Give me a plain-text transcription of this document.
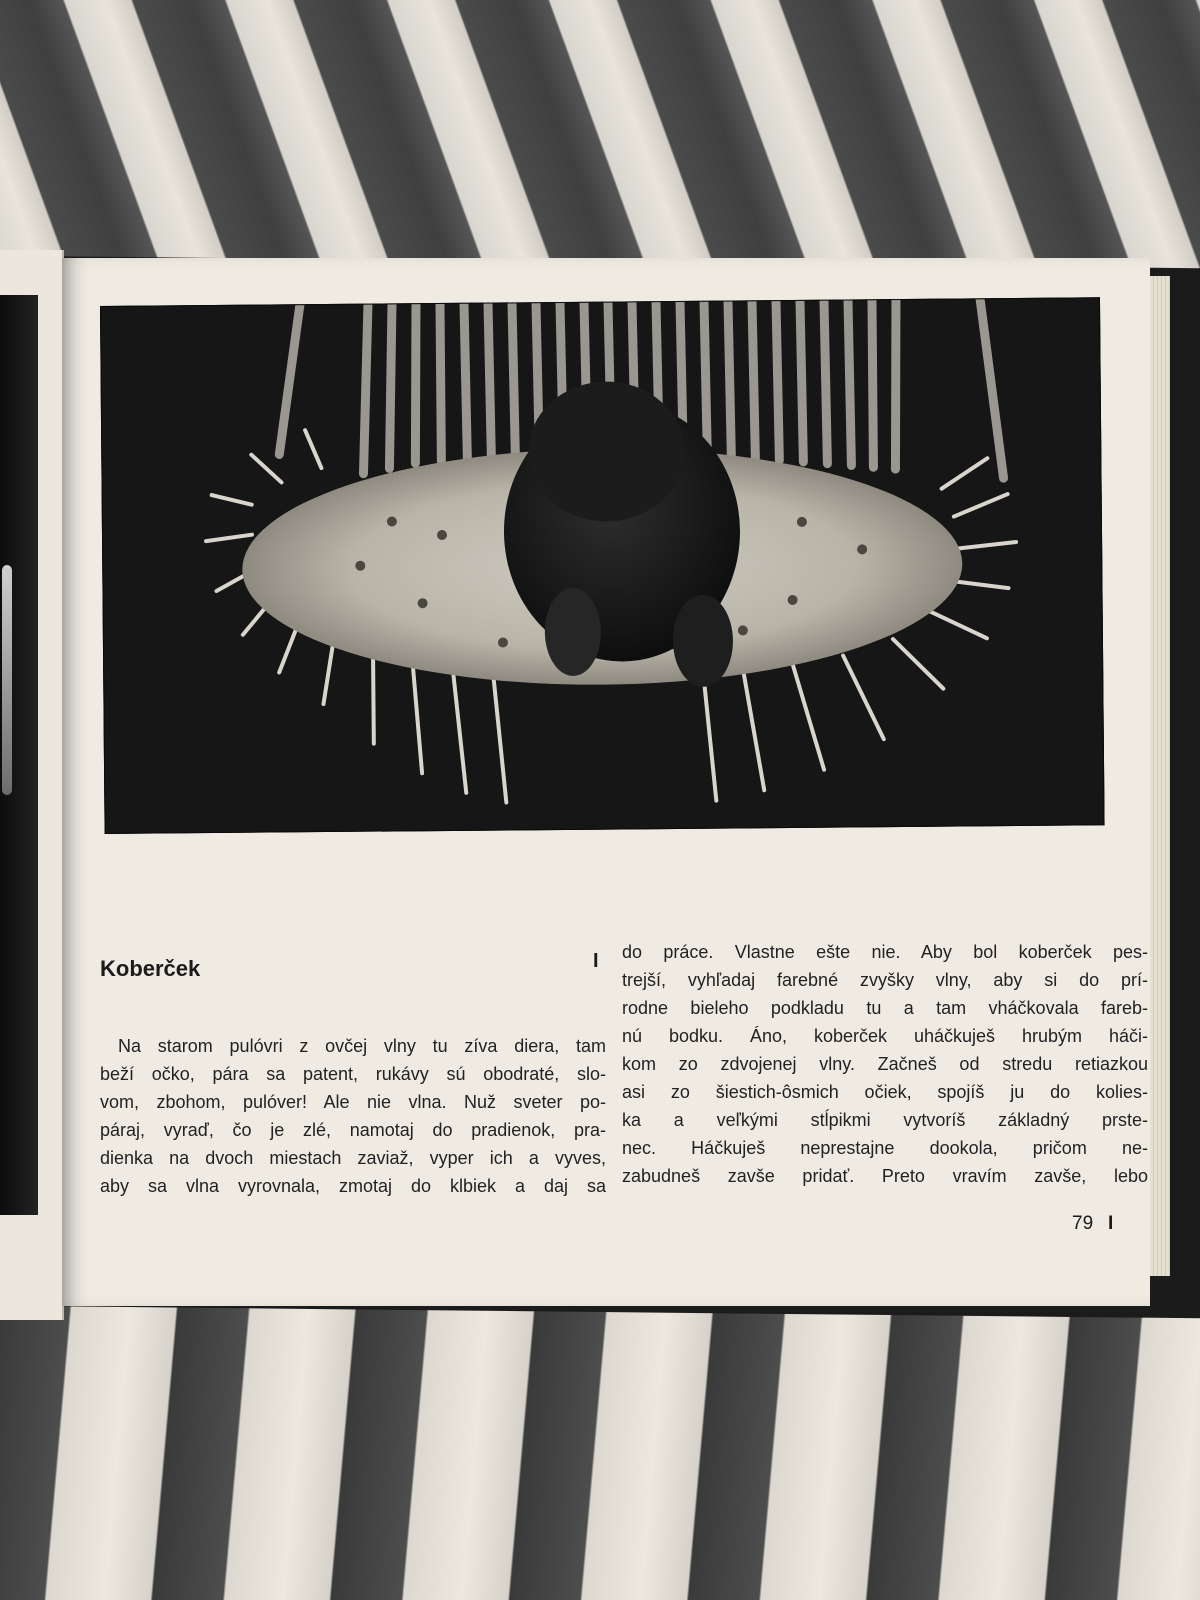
Koberček	I

Na starom pulóvri z ovčej vlny tu zíva diera, tam
beží očko, pára sa patent, rukávy sú obodraté, slo-
vom, zbohom, pulóver! Ale nie vlna. Nuž sveter po-
páraj, vyraď, čo je zlé, namotaj do pradienok, pra-
dienka na dvoch miestach zaviaž, vyper ich a vyves,
aby sa vlna vyrovnala, zmotaj do klbiek a daj sa

do práce. Vlastne ešte nie. Aby bol koberček pes-
trejší, vyhľadaj farebné zvyšky vlny, aby si do prí-
rodne bieleho podkladu tu a tam vháčkovala fareb-
nú bodku. Áno, koberček uháčkuješ hrubým háči-
kom zo zdvojenej vlny. Začneš od stredu retiazkou
asi zo šiestich-ôsmich očiek, spojíš ju do kolies-
ka a veľkými stĺpikmi vytvoríš základný prste-
nec. Háčkuješ neprestajne dookola, pričom ne-
zabudneš zavše pridať. Preto vravím zavše, lebo

79 I
